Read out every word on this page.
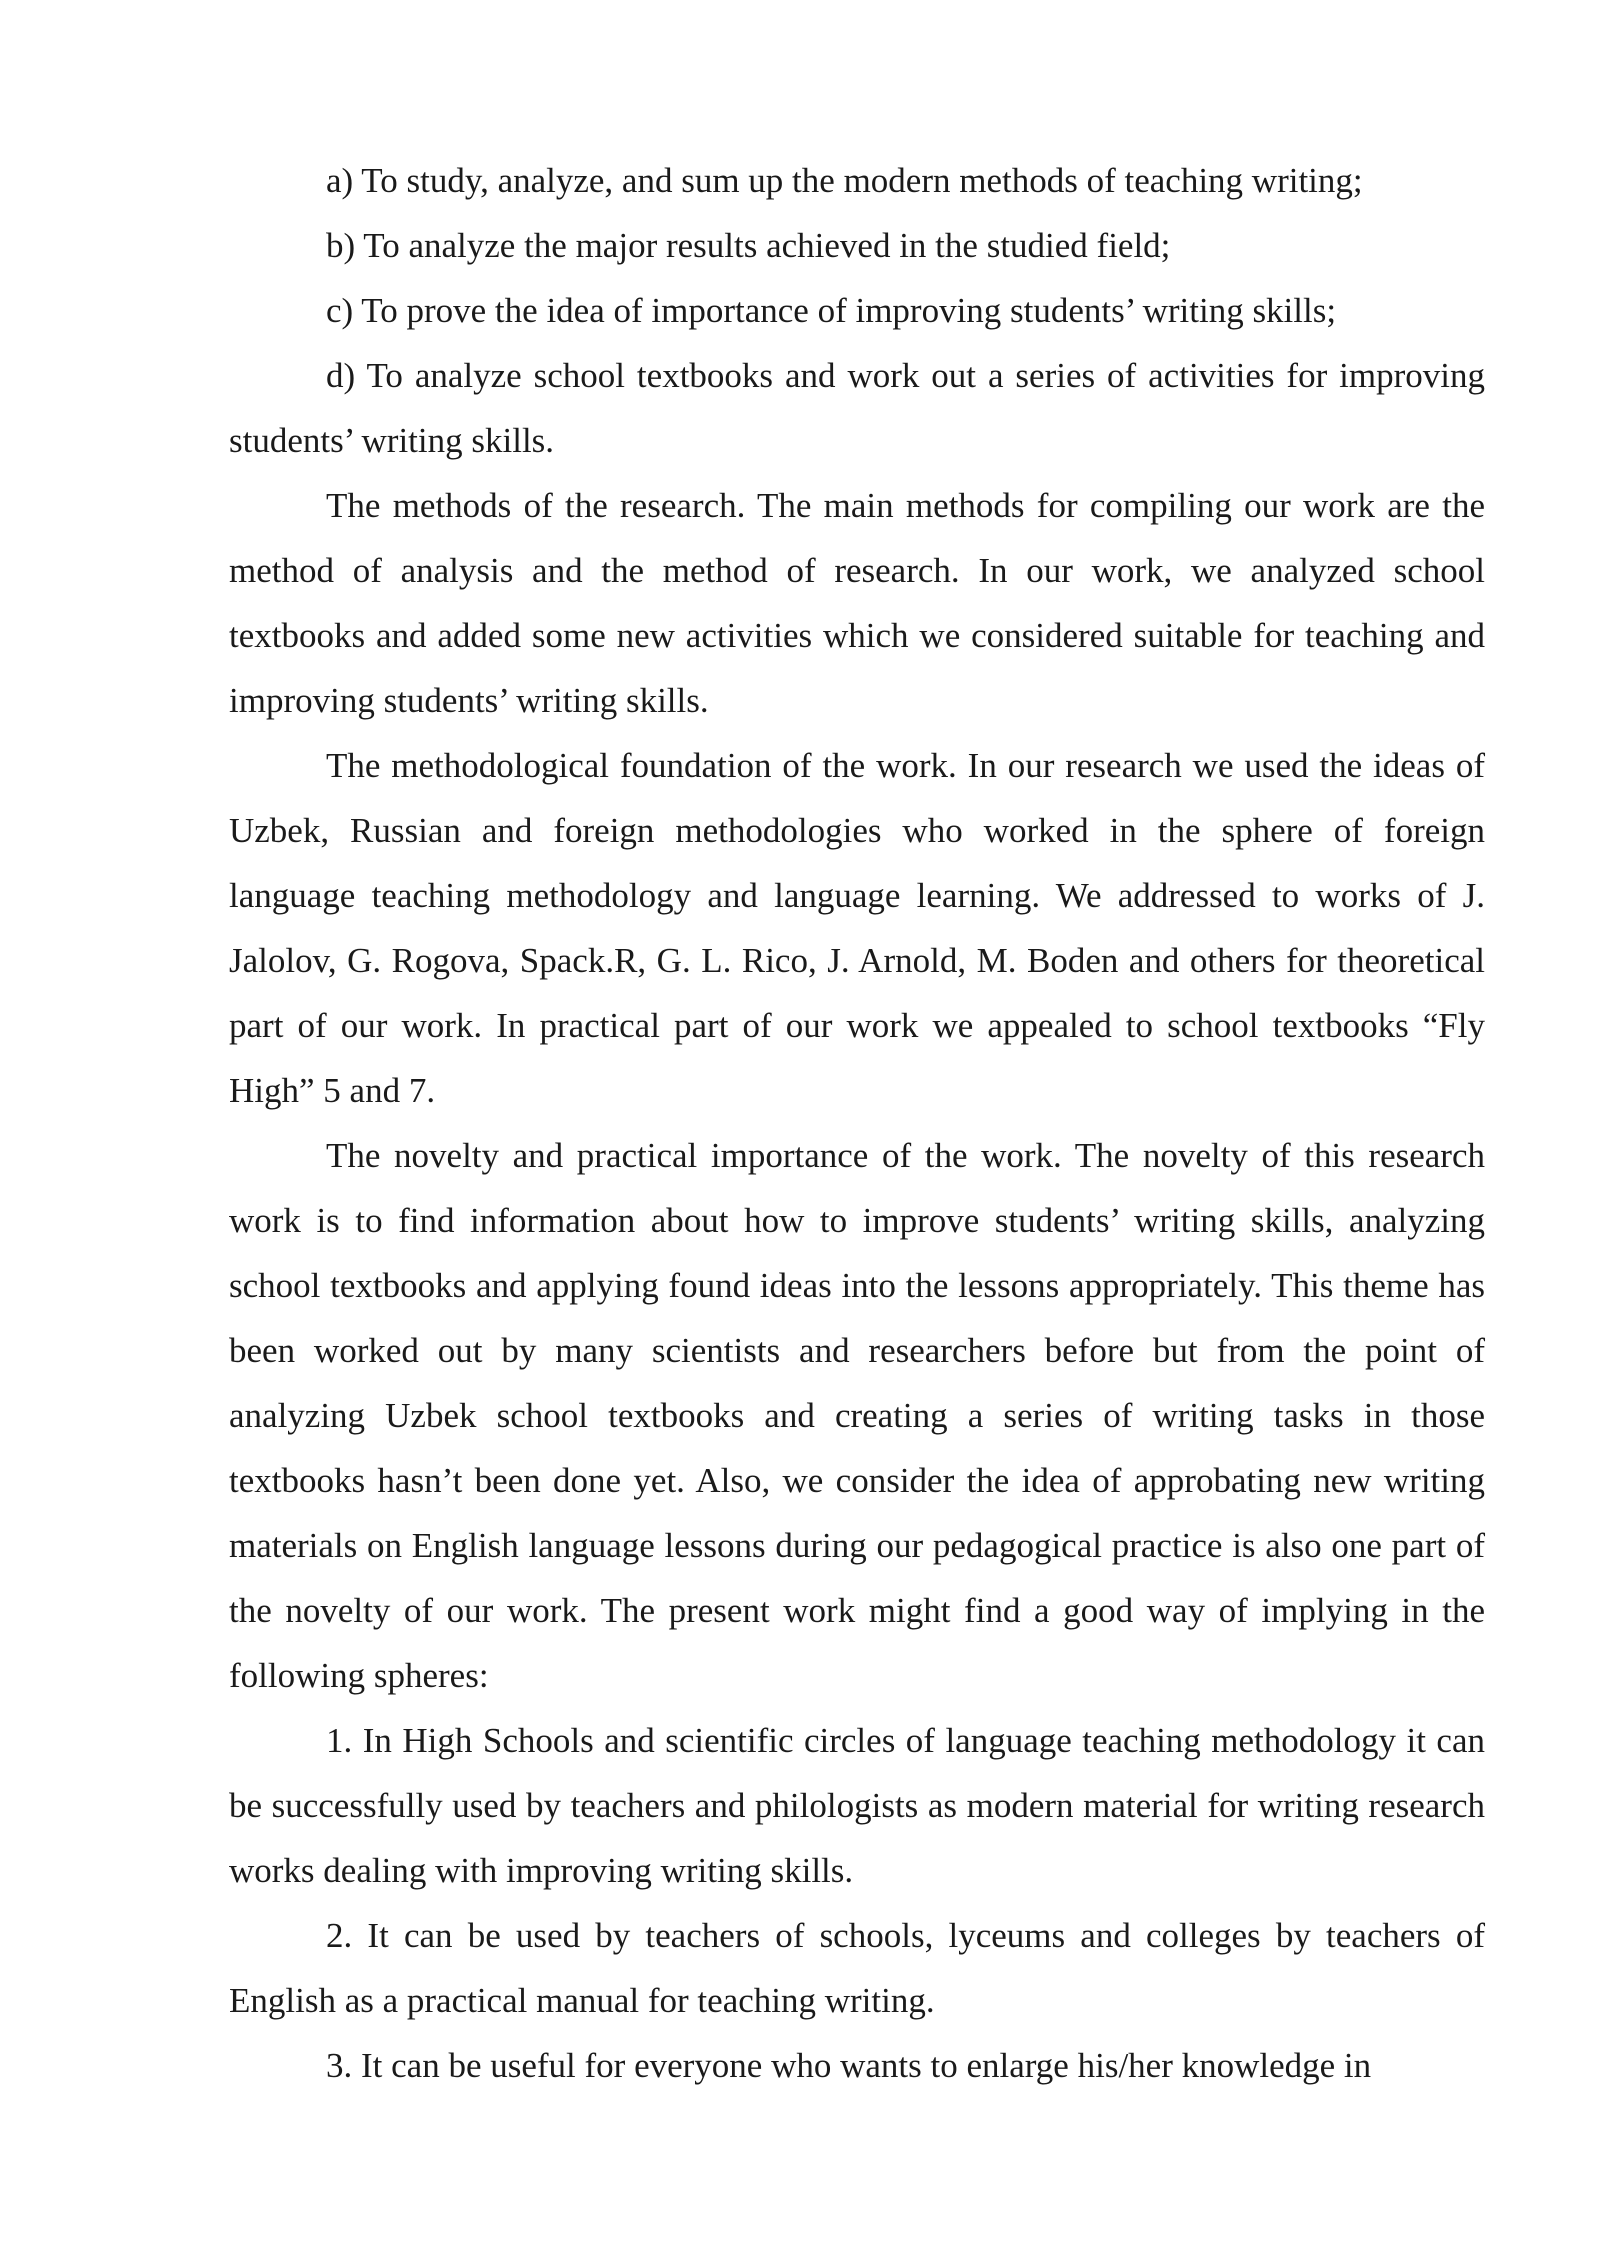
a) To study, analyze, and sum up the modern methods of teaching writing;

b) To analyze the major results achieved in the studied field;

c) To prove the idea of importance of improving students’ writing skills;

d) To analyze school textbooks and work out a series of activities for improving students’ writing skills.

The methods of the research. The main methods for compiling our work are the method of analysis and the method of research. In our work, we analyzed school textbooks and added some new activities which we considered suitable for teaching and improving students’ writing skills.

The methodological foundation of the work. In our research we used the ideas of Uzbek, Russian and foreign methodologies who worked in the sphere of foreign language teaching methodology and language learning. We addressed to works of J. Jalolov, G. Rogova, Spack.R, G. L. Rico, J. Arnold, M. Boden and others for theoretical part of our work. In practical part of our work we appealed to school textbooks “Fly High” 5 and 7.

The novelty and practical importance of the work. The novelty of this research work is to find information about how to improve students’ writing skills, analyzing school textbooks and applying found ideas into the lessons appropriately. This theme has been worked out by many scientists and researchers before but from the point of analyzing Uzbek school textbooks and creating a series of writing tasks in those textbooks hasn’t been done yet. Also, we consider the idea of approbating new writing materials on English language lessons during our pedagogical practice is also one part of the novelty of our work. The present work might find a good way of implying in the following spheres:

1. In High Schools and scientific circles of language teaching methodology it can be successfully used by teachers and philologists as modern material for writing research works dealing with improving writing skills.

2. It can be used by teachers of schools, lyceums and colleges by teachers of English as a practical manual for teaching writing.

3. It can be useful for everyone who wants to enlarge his/her knowledge in
